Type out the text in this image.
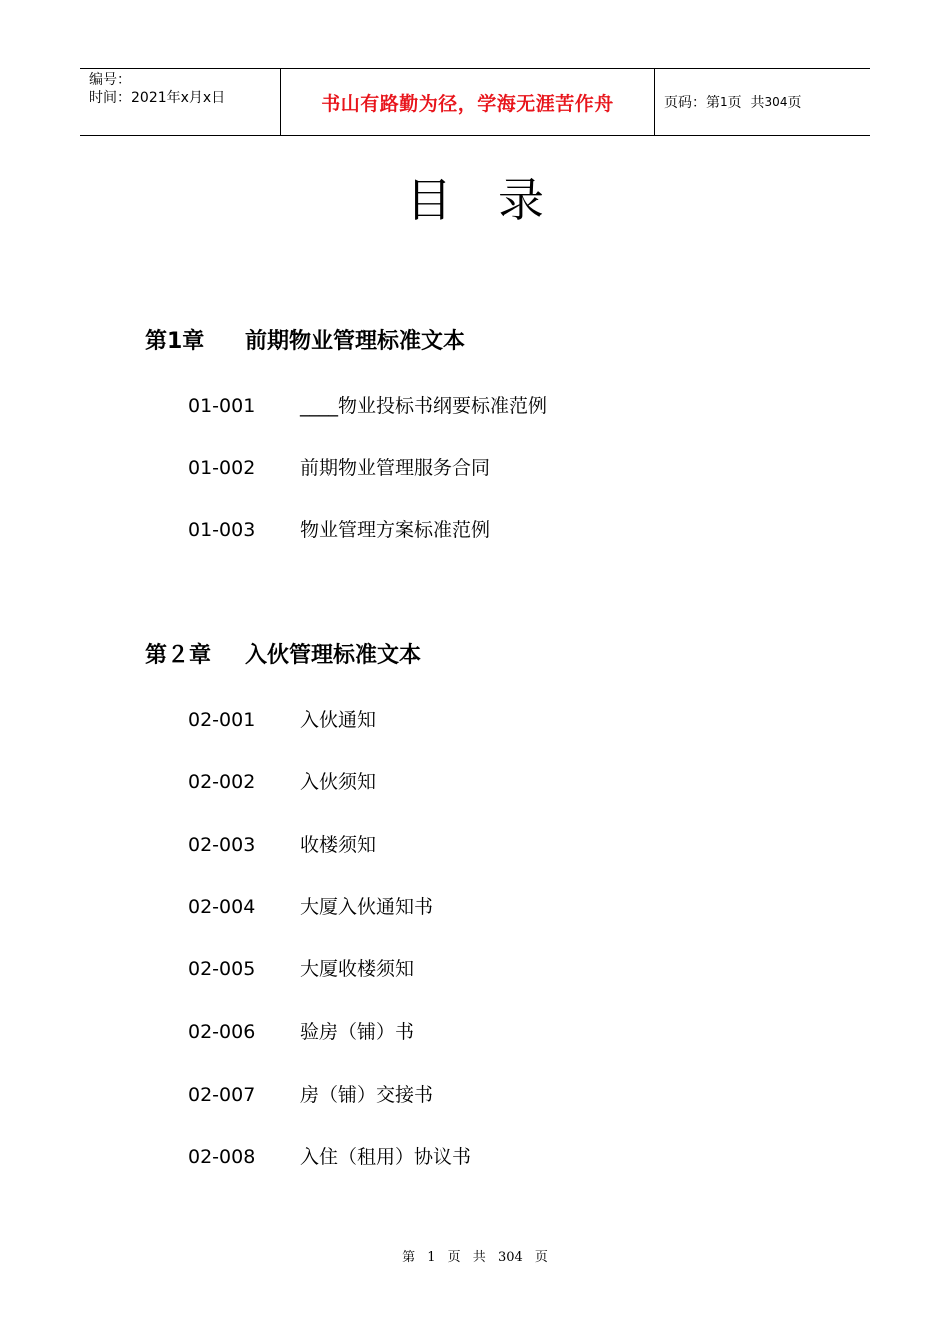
编号：
时间：2021年x月x日	书山有路勤为径，学海无涯苦作舟	页码：第 1 页  共 304 页
目录
第1章 前期物业管理标准文本
01-001 ____物业投标书纲要标准范例
01-002 前期物业管理服务合同
01-003 物业管理方案标准范例
第２章 入伙管理标准文本
02-001 入伙通知
02-002 入伙须知
02-003 收楼须知
02-004 大厦入伙通知书
02-005 大厦收楼须知
02-006 验房（铺）书
02-007 房（铺）交接书
02-008 入住（租用）协议书
第 1 页 共 304 页
